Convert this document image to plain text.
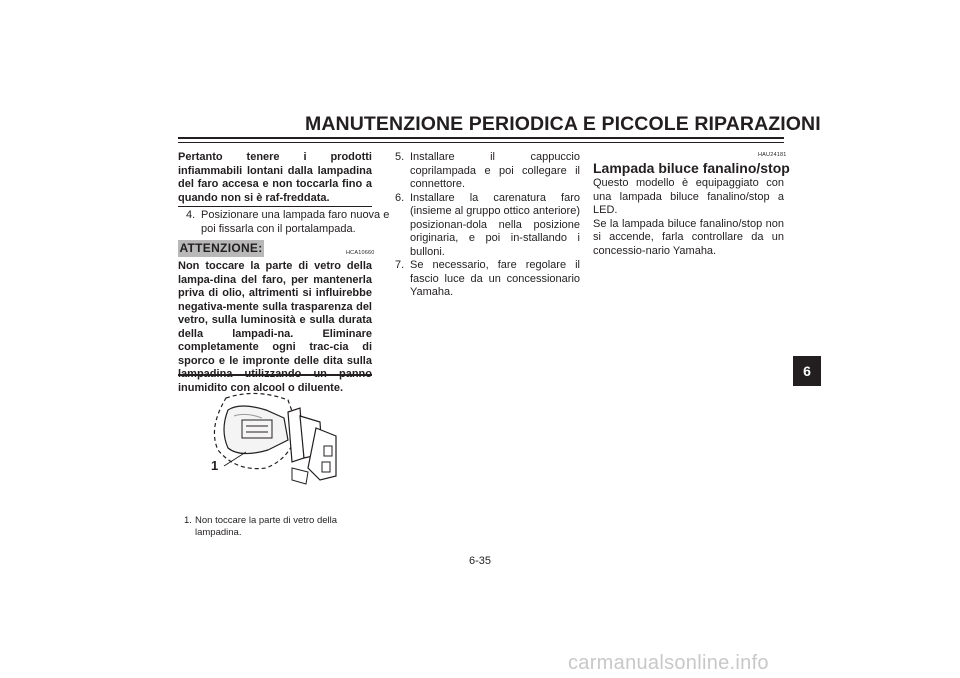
MANUTENZIONE PERIODICA E PICCOLE RIPARAZIONI
Pertanto tenere i prodotti infiammabili lontani dalla lampadina del faro accesa e non toccarla fino a quando non si è raf-freddata.
4. Posizionare una lampada faro nuova e poi fissarla con il portalampada.
ATTENZIONE:	HCA10660
Non toccare la parte di vetro della lampa-dina del faro, per mantenerla priva di olio, altrimenti si influirebbe negativa-mente sulla trasparenza del vetro, sulla luminosità e sulla durata della lampadi-na. Eliminare completamente ogni trac-cia di sporco e le impronte delle dita sulla inumidito con alcool o diluente.
1
1. Non toccare la parte di vetro della lampadina.
5. Installare il cappuccio coprilampada e poi collegare il connettore.
6. Installare la carenatura faro (insieme al gruppo ottico anteriore) posizionan-dola nella posizione originaria, e poi in-stallando i bulloni.
7. Se necessario, fare regolare il fascio luce da un concessionario Yamaha.
HAU24181
Lampada biluce fanalino/stop

Questo modello è equipaggiato con una lampada biluce fanalino/stop a LED.

Se la lampada biluce fanalino/stop non si accende, farla controllare da un concessio-nario Yamaha.

6-35
6
carmanualsonline.info
